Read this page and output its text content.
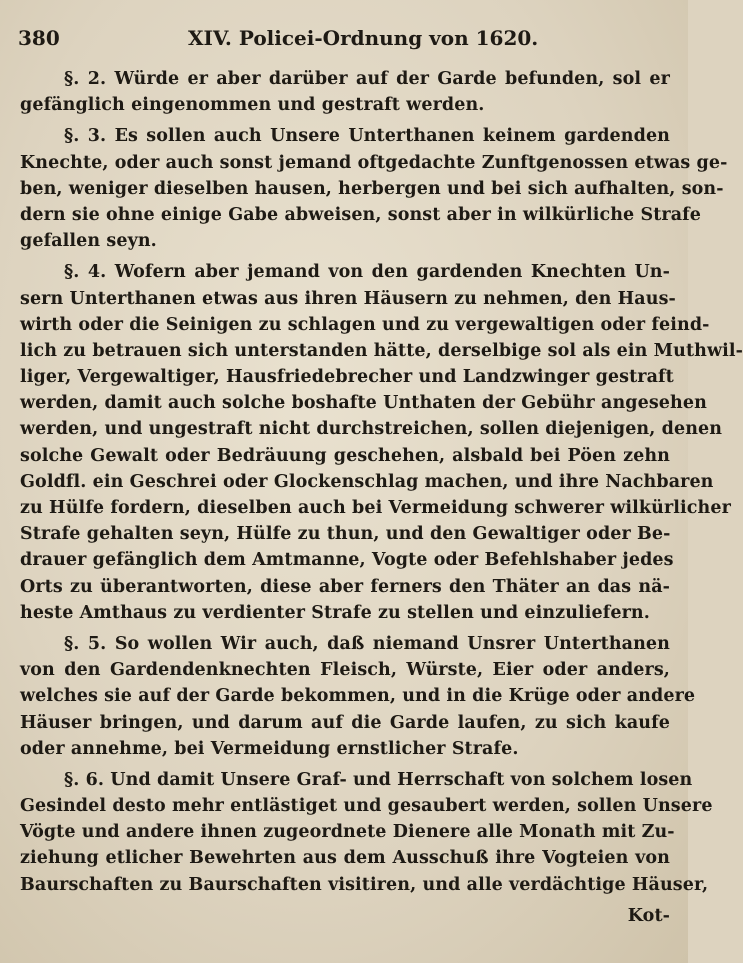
380	XIV. Policei-Ordnung von 1620.
§. 2. Würde er aber darüber auf der Garde befunden, sol er
gefänglich eingenommen und gestraft werden.
§. 3. Es sollen auch Unsere Unterthanen keinem gardenden
Knechte, oder auch sonst jemand oftgedachte Zunftgenossen etwas ge-
ben, weniger dieselben hausen, herbergen und bei sich aufhalten, son-
dern sie ohne einige Gabe abweisen, sonst aber in wilkürliche Strafe
gefallen seyn.
§. 4. Wofern aber jemand von den gardenden Knechten Un-
sern Unterthanen etwas aus ihren Häusern zu nehmen, den Haus-
wirth oder die Seinigen zu schlagen und zu vergewaltigen oder feind-
lich zu betrauen sich unterstanden hätte, derselbige sol als ein Muthwil-
liger, Vergewaltiger, Hausfriedebrecher und Landzwinger gestraft
werden, damit auch solche boshafte Unthaten der Gebühr angesehen
werden, und ungestraft nicht durchstreichen, sollen diejenigen, denen
solche Gewalt oder Bedräuung geschehen, alsbald bei Pöen zehn
Goldfl. ein Geschrei oder Glockenschlag machen, und ihre Nachbaren
zu Hülfe fordern, dieselben auch bei Vermeidung schwerer wilkürlicher
Strafe gehalten seyn, Hülfe zu thun, und den Gewaltiger oder Be-
drauer gefänglich dem Amtmanne, Vogte oder Befehlshaber jedes
Orts zu überantworten, diese aber ferners den Thäter an das nä-
heste Amthaus zu verdienter Strafe zu stellen und einzuliefern.
§. 5. So wollen Wir auch, daß niemand Unsrer Unterthanen
von den Gardendenknechten Fleisch, Würste, Eier oder anders,
welches sie auf der Garde bekommen, und in die Krüge oder andere
Häuser bringen, und darum auf die Garde laufen, zu sich kaufe
oder annehme, bei Vermeidung ernstlicher Strafe.
§. 6. Und damit Unsere Graf- und Herrschaft von solchem losen
Gesindel desto mehr entlästiget und gesaubert werden, sollen Unsere
Vögte und andere ihnen zugeordnete Dienere alle Monath mit Zu-
ziehung etlicher Bewehrten aus dem Ausschuß ihre Vogteien von
Baurschaften zu Baurschaften visitiren, und alle verdächtige Häuser,
Kot-
